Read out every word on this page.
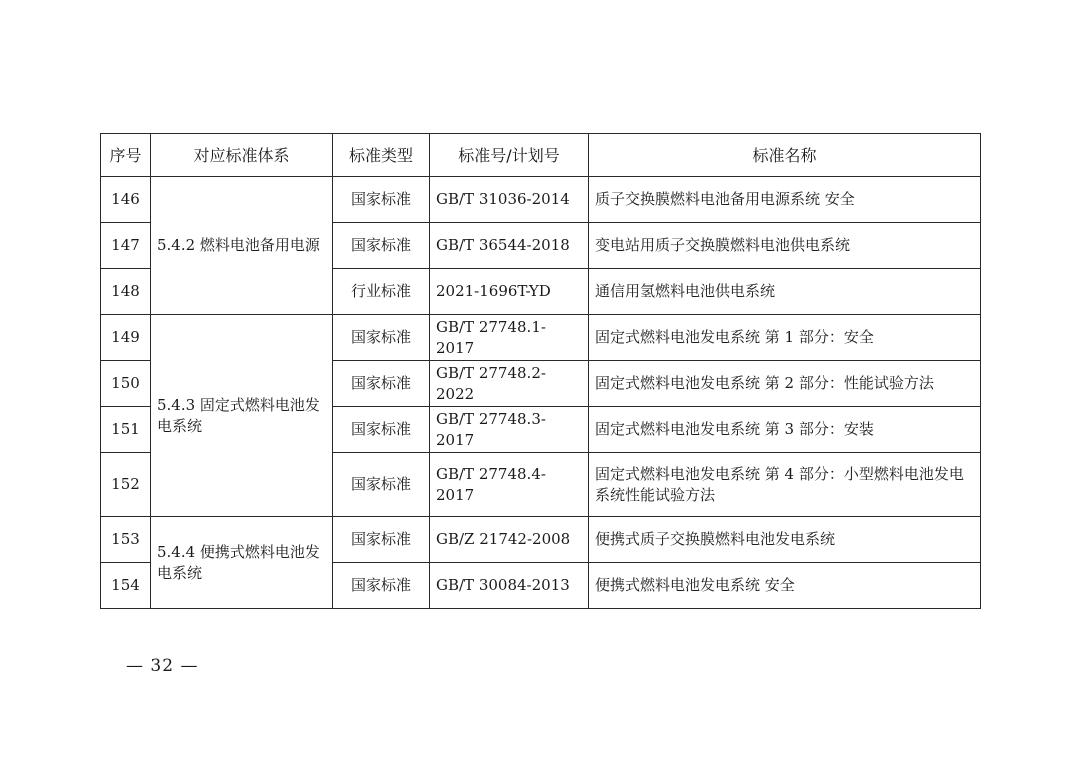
序号	对应标准体系	标准类型	标准号/计划号	标准名称
146	5.4.2 燃料电池备用电源	国家标准	GB/T 31036-2014	质子交换膜燃料电池备用电源系统 安全
147		国家标准	GB/T 36544-2018	变电站用质子交换膜燃料电池供电系统
148		行业标准	2021-1696T-YD	通信用氢燃料电池供电系统
149	5.4.3 固定式燃料电池发电系统	国家标准	GB/T 27748.1-2017	固定式燃料电池发电系统 第 1 部分：安全
150		国家标准	GB/T 27748.2-2022	固定式燃料电池发电系统 第 2 部分：性能试验方法
151		国家标准	GB/T 27748.3-2017	固定式燃料电池发电系统 第 3 部分：安装
152		国家标准	GB/T 27748.4-2017	固定式燃料电池发电系统 第 4 部分：小型燃料电池发电系统性能试验方法
153	5.4.4 便携式燃料电池发电系统	国家标准	GB/Z 21742-2008	便携式质子交换膜燃料电池发电系统
154		国家标准	GB/T 30084-2013	便携式燃料电池发电系统 安全
— 32 —
